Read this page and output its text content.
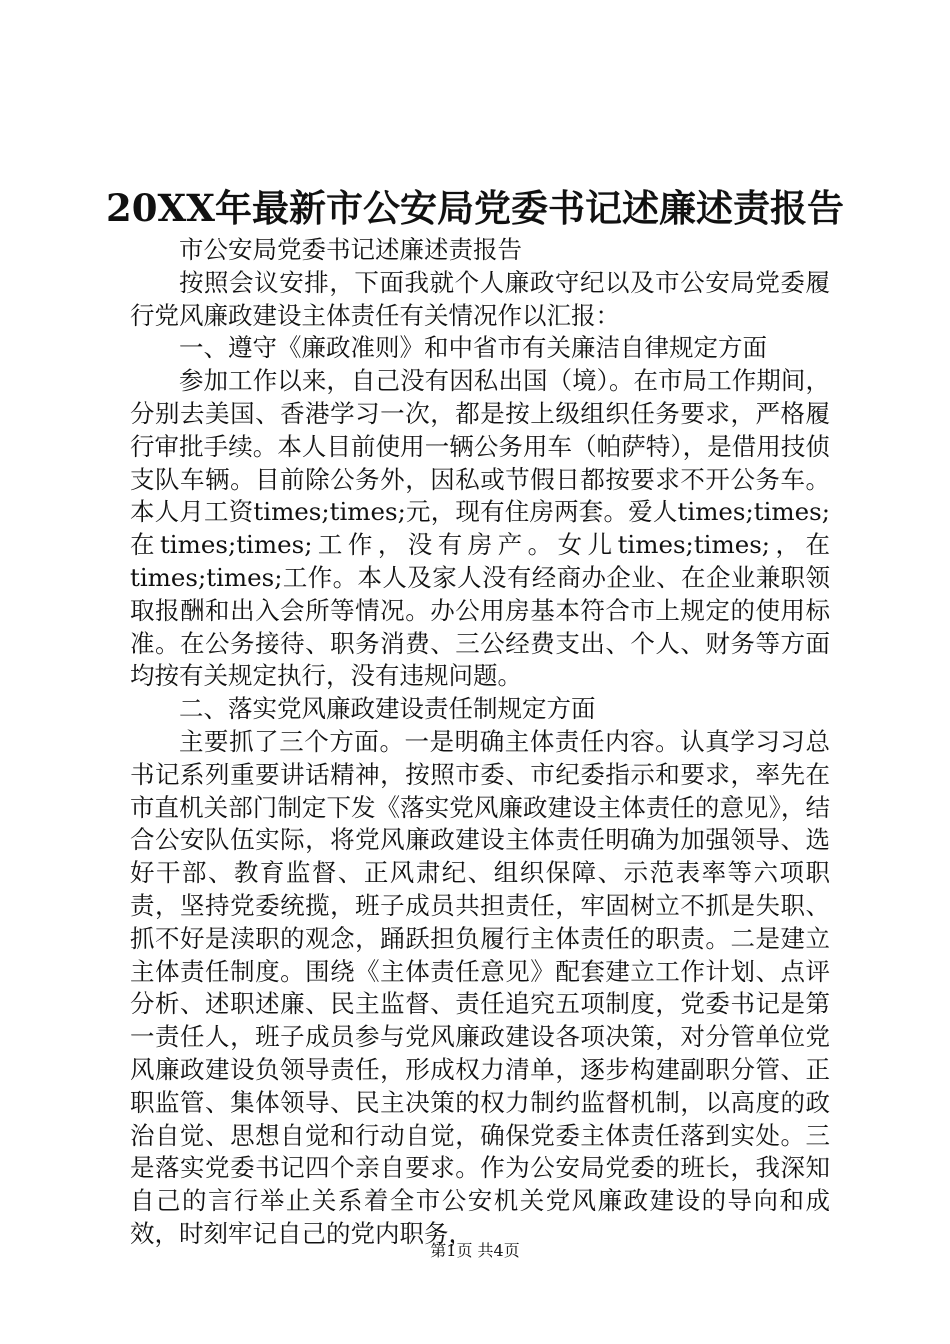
20XX年最新市公安局党委书记述廉述责报告

市公安局党委书记述廉述责报告

按照会议安排，下面我就个人廉政守纪以及市公安局党委履行党风廉政建设主体责任有关情况作以汇报：

一、遵守《廉政准则》和中省市有关廉洁自律规定方面

参加工作以来，自己没有因私出国（境）。在市局工作期间，分别去美国、香港学习一次，都是按上级组织任务要求，严格履行审批手续。本人目前使用一辆公务用车（帕萨特），是借用技侦支队车辆。目前除公务外，因私或节假日都按要求不开公务车。本人月工资times;times;元，现有住房两套。爱人times;times;在times;times;工作，没有房产。女儿times;times;，在times;times;工作。本人及家人没有经商办企业、在企业兼职领取报酬和出入会所等情况。办公用房基本符合市上规定的使用标准。在公务接待、职务消费、三公经费支出、个人、财务等方面均按有关规定执行，没有违规问题。

二、落实党风廉政建设责任制规定方面

主要抓了三个方面。一是明确主体责任内容。认真学习习总书记系列重要讲话精神，按照市委、市纪委指示和要求，率先在市直机关部门制定下发《落实党风廉政建设主体责任的意见》，结合公安队伍实际，将党风廉政建设主体责任明确为加强领导、选好干部、教育监督、正风肃纪、组织保障、示范表率等六项职责，坚持党委统揽，班子成员共担责任，牢固树立不抓是失职、抓不好是渎职的观念，踊跃担负履行主体责任的职责。二是建立主体责任制度。围绕《主体责任意见》配套建立工作计划、点评分析、述职述廉、民主监督、责任追究五项制度，党委书记是第一责任人，班子成员参与党风廉政建设各项决策，对分管单位党风廉政建设负领导责任，形成权力清单，逐步构建副职分管、正职监管、集体领导、民主决策的权力制约监督机制，以高度的政治自觉、思想自觉和行动自觉，确保党委主体责任落到实处。三是落实党委书记四个亲自要求。作为公安局党委的班长，我深知自己的言行举止关系着全市公安机关党风廉政建设的导向和成效，时刻牢记自己的党内职务，

第1页 共4页
